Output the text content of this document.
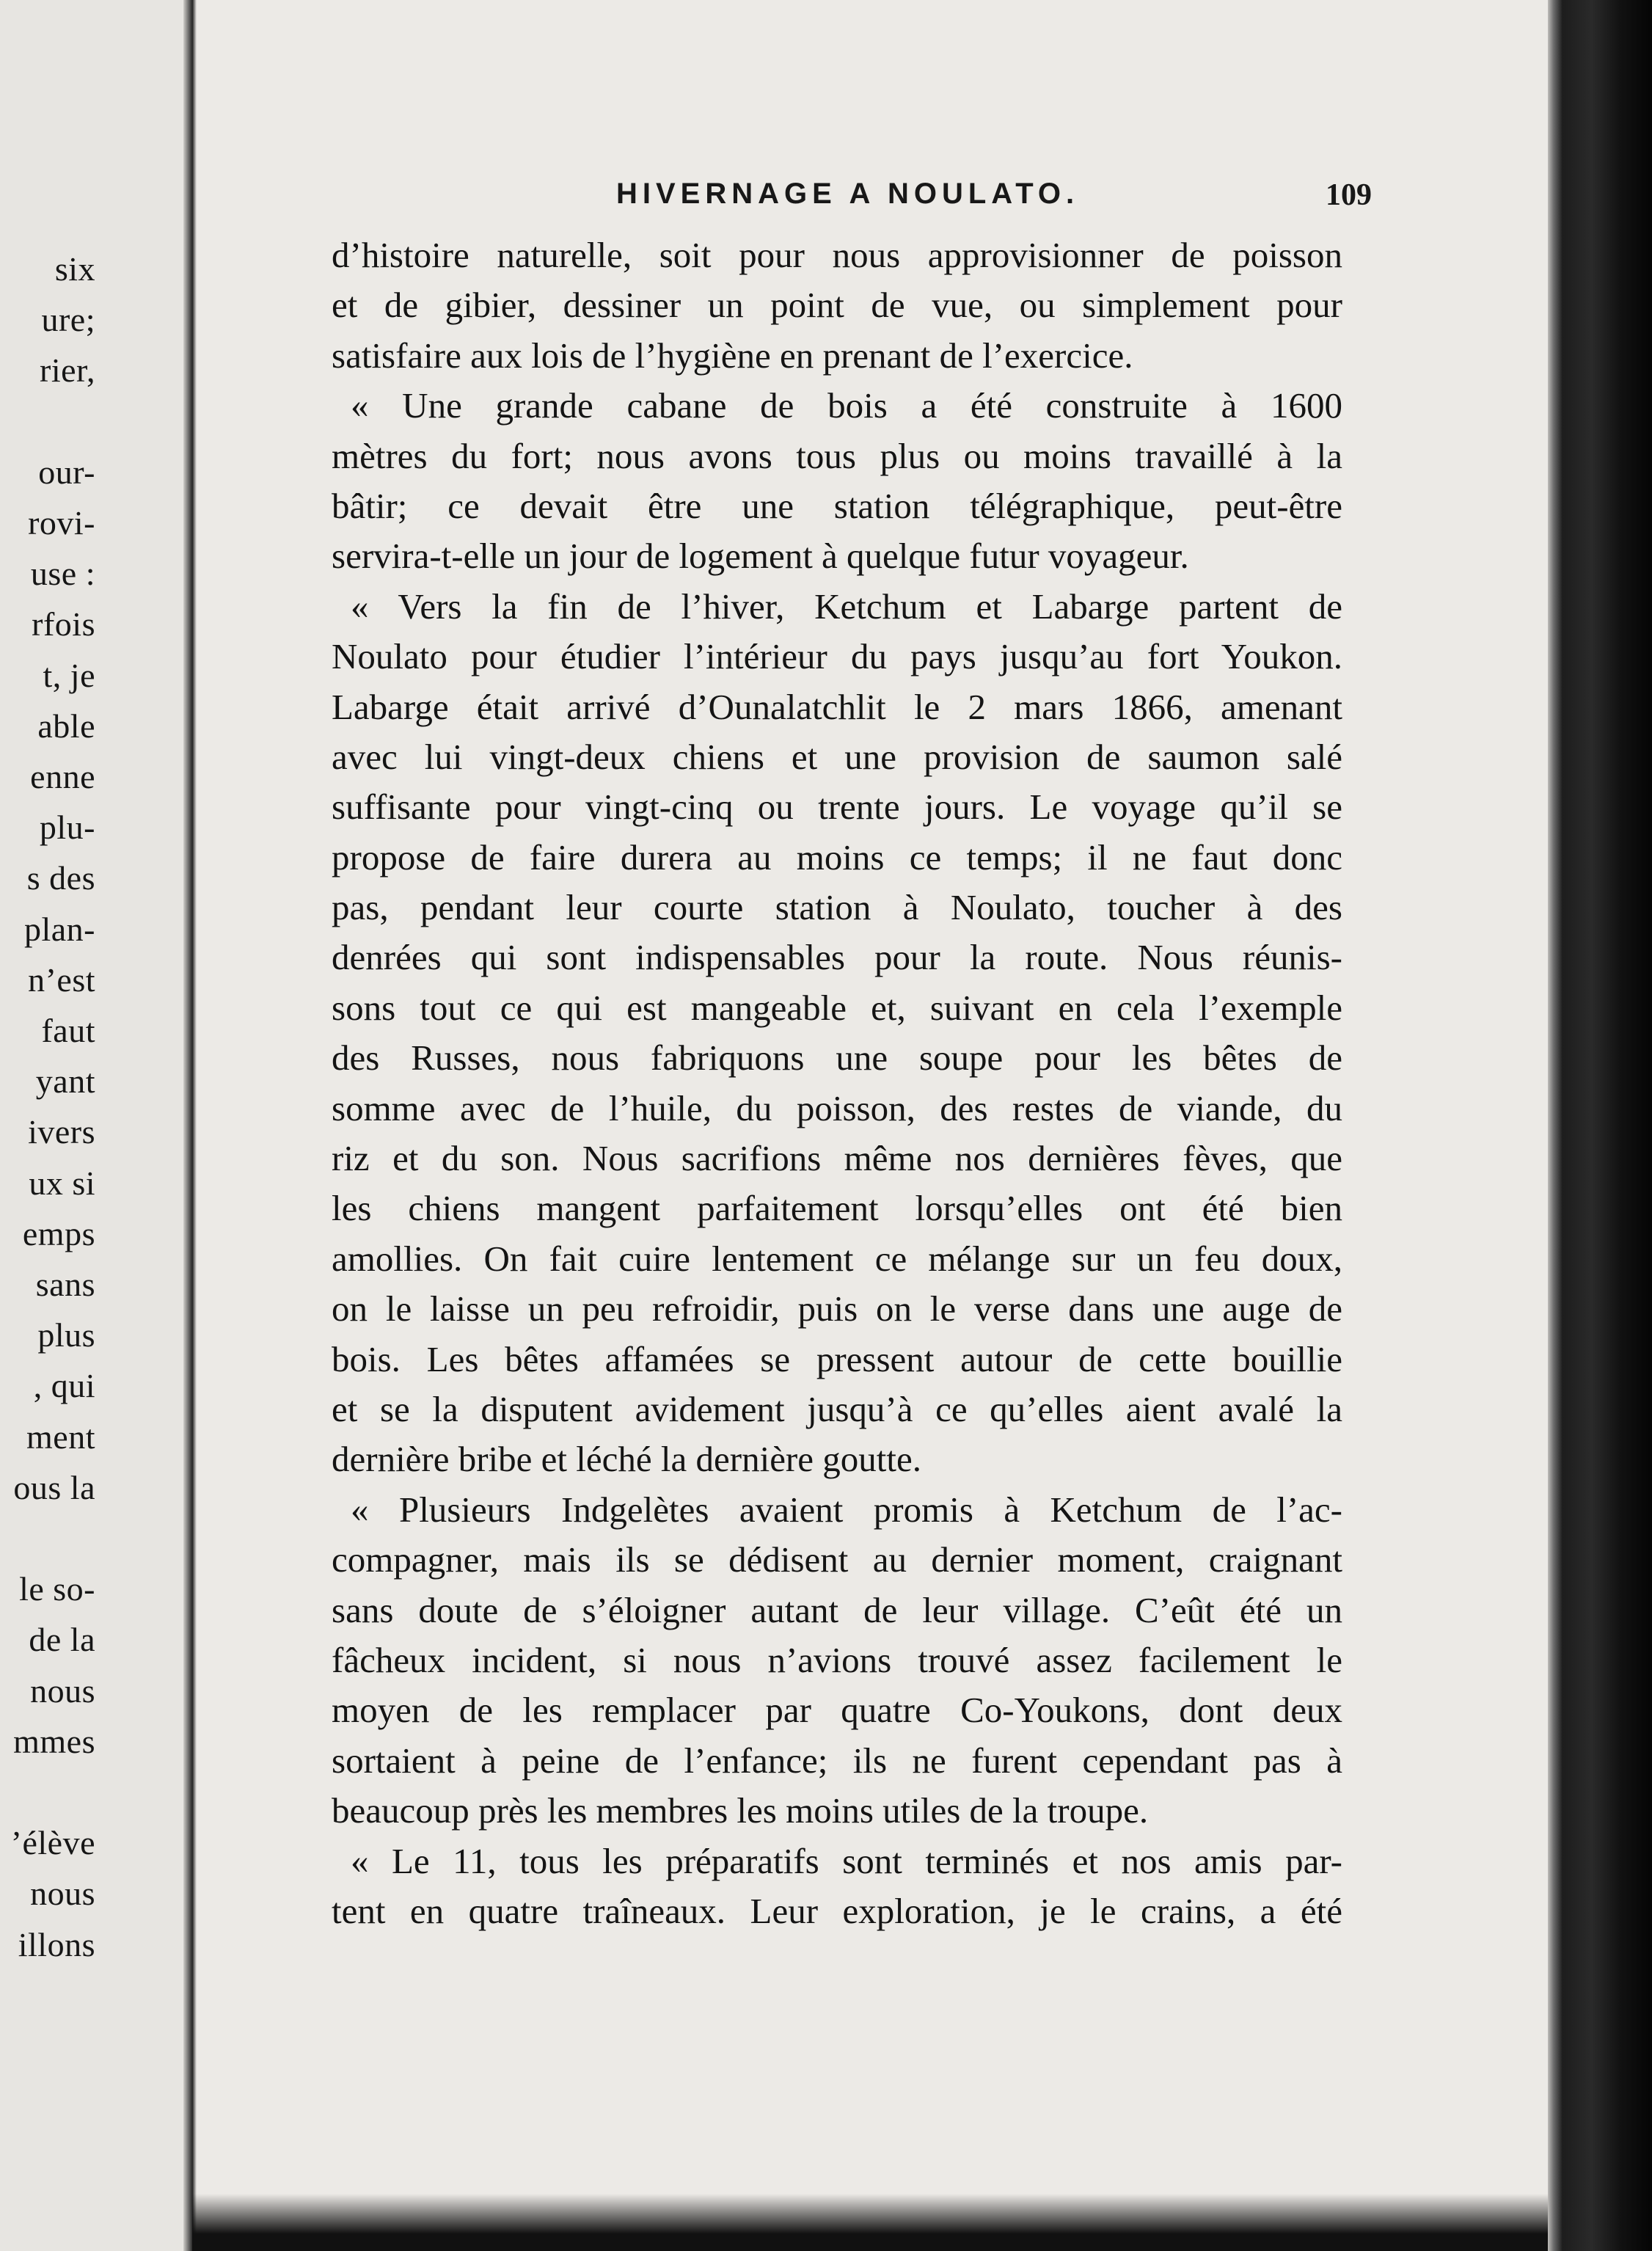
six
ure;
rier,
our-
rovi-
use :
rfois
t, je
able
enne
plu-
s des
plan-
n’est
faut
yant
ivers
ux si
emps
sans
plus
, qui
ment
ous la
le so-
de la
nous
mmes
’élève
nous
illons
HIVERNAGE A NOULATO.	109
d’histoire naturelle, soit pour nous approvisionner de poisson
et de gibier, dessiner un point de vue, ou simplement pour
satisfaire aux lois de l’hygiène en prenant de l’exercice.
« Une grande cabane de bois a été construite à 1600
mètres du fort; nous avons tous plus ou moins travaillé à la
bâtir; ce devait être une station télégraphique, peut-être
servira-t-elle un jour de logement à quelque futur voyageur.
« Vers la fin de l’hiver, Ketchum et Labarge partent de
Noulato pour étudier l’intérieur du pays jusqu’au fort Youkon.
Labarge était arrivé d’Ounalatchlit le 2 mars 1866, amenant
avec lui vingt-deux chiens et une provision de saumon salé
suffisante pour vingt-cinq ou trente jours. Le voyage qu’il se
propose de faire durera au moins ce temps; il ne faut donc
pas, pendant leur courte station à Noulato, toucher à des
denrées qui sont indispensables pour la route. Nous réunis-
sons tout ce qui est mangeable et, suivant en cela l’exemple
des Russes, nous fabriquons une soupe pour les bêtes de
somme avec de l’huile, du poisson, des restes de viande, du
riz et du son. Nous sacrifions même nos dernières fèves, que
les chiens mangent parfaitement lorsqu’elles ont été bien
amollies. On fait cuire lentement ce mélange sur un feu doux,
on le laisse un peu refroidir, puis on le verse dans une auge de
bois. Les bêtes affamées se pressent autour de cette bouillie
et se la disputent avidement jusqu’à ce qu’elles aient avalé la
dernière bribe et léché la dernière goutte.
« Plusieurs Indgelètes avaient promis à Ketchum de l’ac-
compagner, mais ils se dédisent au dernier moment, craignant
sans doute de s’éloigner autant de leur village. C’eût été un
fâcheux incident, si nous n’avions trouvé assez facilement le
moyen de les remplacer par quatre Co-Youkons, dont deux
sortaient à peine de l’enfance; ils ne furent cependant pas à
beaucoup près les membres les moins utiles de la troupe.
« Le 11, tous les préparatifs sont terminés et nos amis par-
tent en quatre traîneaux. Leur exploration, je le crains, a été
